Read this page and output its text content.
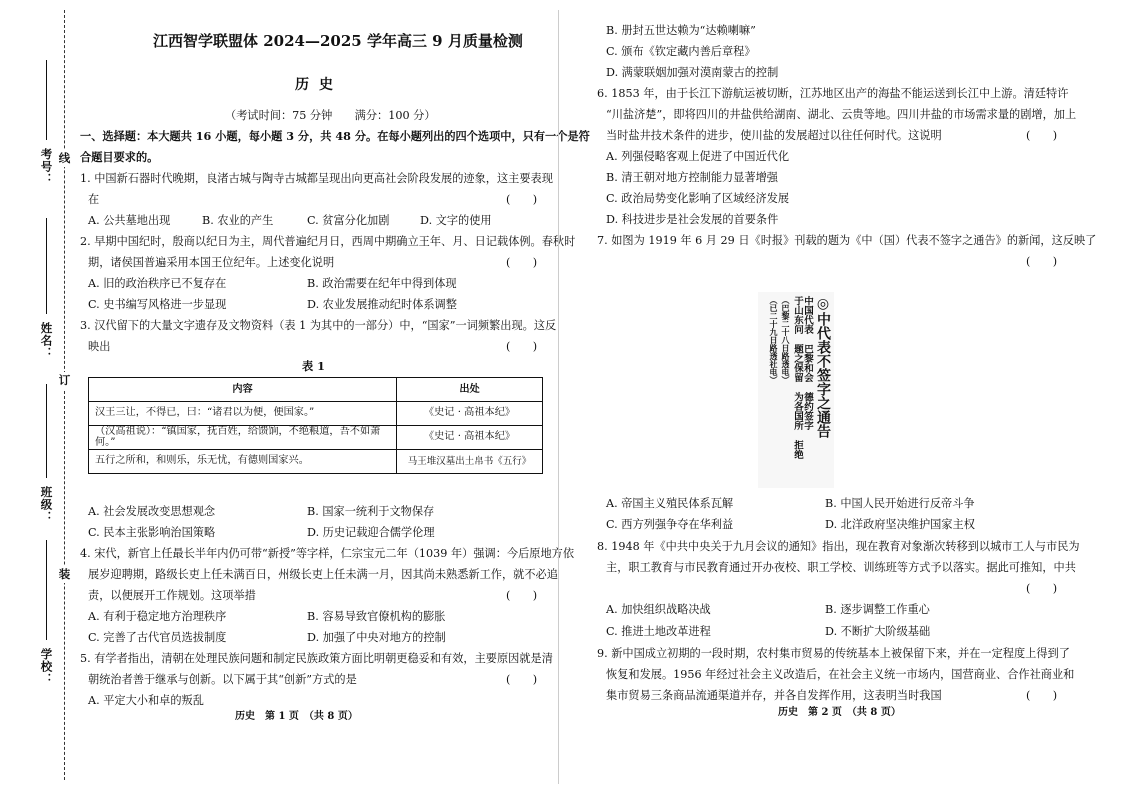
考号：
姓名：
班级：
学校：
线
订
装
江西智学联盟体 2024—2025 学年高三 9 月质量检测
历史
（考试时间：75 分钟　　满分：100 分）
一、选择题：本大题共 16 小题，每小题 3 分，共 48 分。在每小题列出的四个选项中，只有一个是符
合题目要求的。
1. 中国新石器时代晚期，良渚古城与陶寺古城都呈现出向更高社会阶段发展的迹象，这主要表现
在	(　　)
A. 公共墓地出现	B. 农业的产生	C. 贫富分化加剧	D. 文字的使用
2. 早期中国纪时，殷商以纪日为主，周代普遍纪月日，西周中期确立王年、月、日记载体例。春秋时
期，诸侯国普遍采用本国王位纪年。上述变化说明	(　　)
A. 旧的政治秩序已不复存在	B. 政治需要在纪年中得到体现
C. 史书编写风格进一步显现	D. 农业发展推动纪时体系调整
3. 汉代留下的大量文字遗存及文物资料（表 1 为其中的一部分）中，“国家”一词频繁出现。这反
映出	(　　)
表 1
内容	出处
汉王三让，不得已，曰：“诸君以为便，便国家。”	《史记 · 高祖本纪》
（汉高祖说）：“镇国家，抚百姓，给馈饷，不绝粮道，吾不如萧何。”	《史记 · 高祖本纪》
五行之所和，和则乐，乐无忧，有德则国家兴。	马王堆汉墓出土帛书《五行》
A. 社会发展改变思想观念	B. 国家一统利于文物保存
C. 民本主张影响治国策略	D. 历史记载迎合儒学伦理
4. 宋代，新官上任最长半年内仍可带“新授”等字样，仁宗宝元二年（1039 年）强调：今后原地方依
展岁迎聘期，路级长吏上任未满百日，州级长吏上任未满一月，因其尚未熟悉新工作，就不必追
责，以便展开工作规划。这项举措	(　　)
A. 有利于稳定地方治理秩序	B. 容易导致官僚机构的膨胀
C. 完善了古代官员选拔制度	D. 加强了中央对地方的控制
5. 有学者指出，清朝在处理民族问题和制定民族政策方面比明朝更稳妥和有效，主要原因就是清
朝统治者善于继承与创新。以下属于其“创新”方式的是	(　　)
A. 平定大小和卓的叛乱
历史　第 1 页　（共 8 页）
B. 册封五世达赖为“达赖喇嘛”
C. 颁布《钦定藏内善后章程》
D. 满蒙联姻加强对漠南蒙古的控制
6. 1853 年，由于长江下游航运被切断，江苏地区出产的海盐不能运送到长江中上游。清廷特许
“川盐济楚”，即将四川的井盐供给湖南、湖北、云贵等地。四川井盐的市场需求量的剧增，加上
当时盐井技术条件的进步，使川盐的发展超过以往任何时代。这说明	(　　)
A. 列强侵略客观上促进了中国近代化
B. 清王朝对地方控制能力显著增强
C. 政治局势变化影响了区域经济发展
D. 科技进步是社会发展的首要条件
7. 如图为 1919 年 6 月 29 日《时报》刊载的题为《中（国）代表不签字之通告》的新闻，这反映了
(　　)
◎中代表不签字之通告
中国代表
巴黎和会
德约签字
于山东问
题之保留
为各国所
拒绝
（巴黎二十八日路透电）
（已二十九日路透社电）
A. 帝国主义殖民体系瓦解	B. 中国人民开始进行反帝斗争
C. 西方列强争夺在华利益	D. 北洋政府坚决维护国家主权
8. 1948 年《中共中央关于九月会议的通知》指出，现在教育对象渐次转移到以城市工人与市民为
主，职工教育与市民教育通过开办夜校、职工学校、训练班等方式予以落实。据此可推知，中共
(　　)
A. 加快组织战略决战	B. 逐步调整工作重心
C. 推进土地改革进程	D. 不断扩大阶级基础
9. 新中国成立初期的一段时期，农村集市贸易的传统基本上被保留下来，并在一定程度上得到了
恢复和发展。1956 年经过社会主义改造后，在社会主义统一市场内，国营商业、合作社商业和
集市贸易三条商品流通渠道并存，并各自发挥作用，这表明当时我国	(　　)
历史　第 2 页　（共 8 页）
